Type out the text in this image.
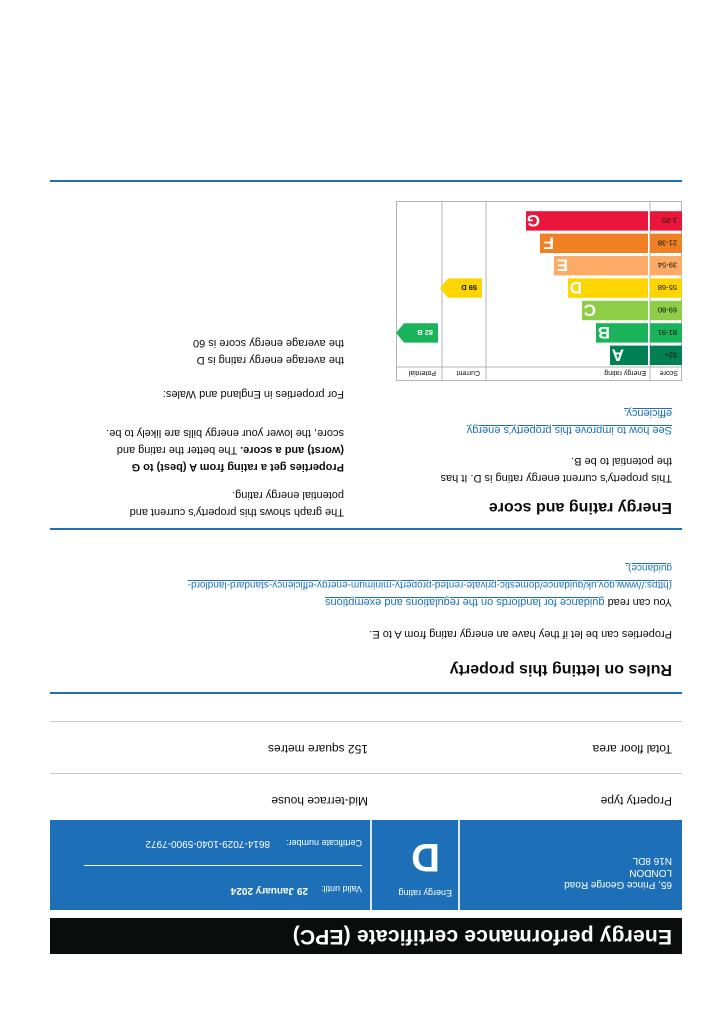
Energy performance certificate (EPC)
65, Prince George Road
LONDON
N16 8DL
Energy rating
D
Valid until:
29 January 2024
Certificate number:
8614-7029-1040-5900-7972
Property type
Mid-terrace house
Total floor area
152 square metres
Rules on letting this property
Properties can be let if they have an energy rating from A to E.
You can read guidance for landlords on the regulations and exemptions
(https://www.gov.uk/guidance/domestic-private-rented-property-minimum-energy-efficiency-standard-landlord-
guidance).
Energy rating and score
This property’s current energy rating is D. It has
the potential to be B.
See how to improve this property’s energy
efficiency.
The graph shows this property’s current and
potential energy rating.
Properties get a rating from A (best) to G
(worst) and a score. The better the rating and
score, the lower your energy bills are likely to be.
For properties in England and Wales:
the average energy rating is D
the average energy score is 60
Score
Energy rating
Current
Potential
92+
A
81-91
B
69-80
C
55-68
D
39-54
E
21-38
F
1-20
G
59 D
82 B
